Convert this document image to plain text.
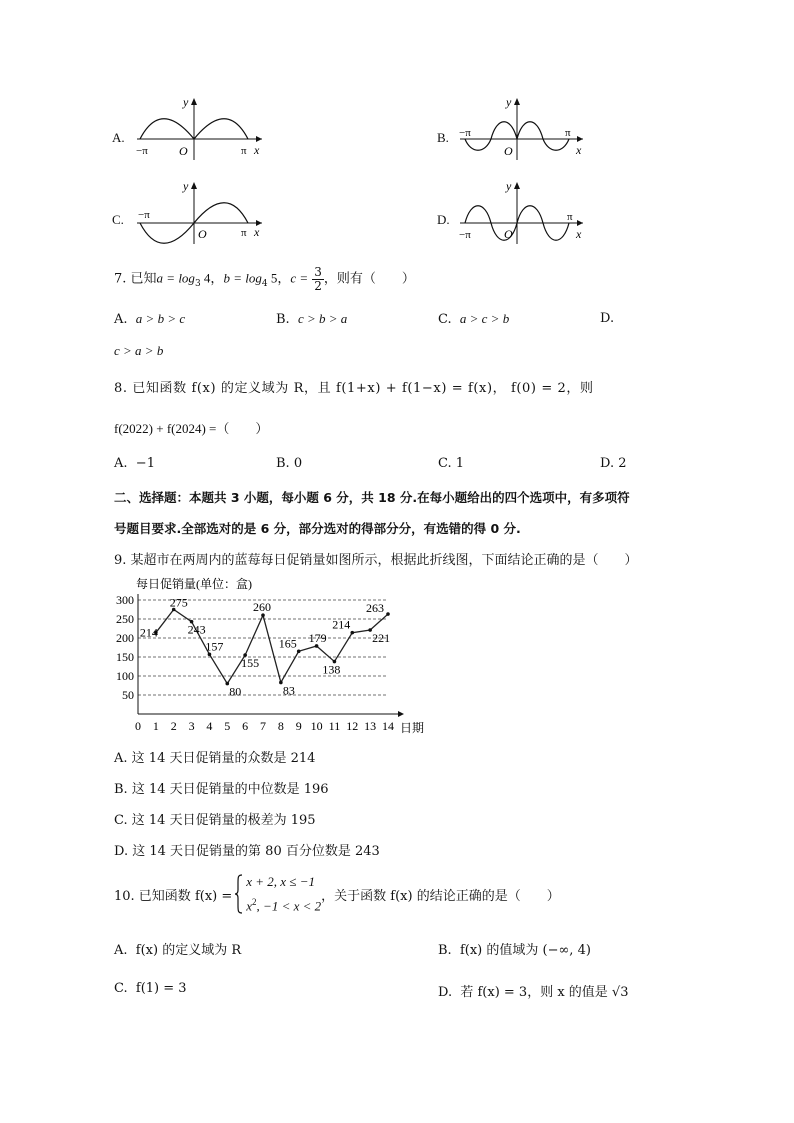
A.
−π	O	π x
y
B. −π
O
π
x
y
C. −π
O	π x
y
D.
−π	O
π
x
y
7. 已知$a = \log_3 4$，$b = \log_4 5$，$c = \frac{3}{2}$ ，则有（　　）
A. a > b > c	B. c > b > a	C. a > c > b	D.
c > a > b
8. 已知函数 f(x) 的定义域为 R，且 f(1+x) + f(1−x) = f(x)， f(0) = 2，则
f(2022) + f(2024) =（　　）
A. −1	B. 0	C. 1	D. 2
二、选择题：本题共 3 小题，每小题 6 分，共 18 分.在每小题给出的四个选项中，有多项符
号题目要求.全部选对的是 6 分，部分选对的得部分分，有选错的得 0 分.
9. 某超市在两周内的蓝莓每日促销量如图所示，根据此折线图，下面结论正确的是（　　）
每日促销量(单位：盒)
50
100
150
200
250
300
0 1 2 3 4 5 6 7 8 9 10 11 12 13 14 日期
214
275
243
157
80
155
260
83
165 179
138
214
221
263
A. 这 14 天日促销量的众数是 214
B. 这 14 天日促销量的中位数是 196
C. 这 14 天日促销量的极差为 195
D. 这 14 天日促销量的第 80 百分位数是 243
10. 已知函数 f(x) =
x + 2, x ≤ −1
$x^2$, −1 < x < 2
，关于函数 f(x) 的结论正确的是（　　）
A. f(x) 的定义域为 R	B. f(x) 的值域为 (−∞, 4)
C. f(1) = 3	D. 若 f(x) = 3，则 x 的值是 √3
